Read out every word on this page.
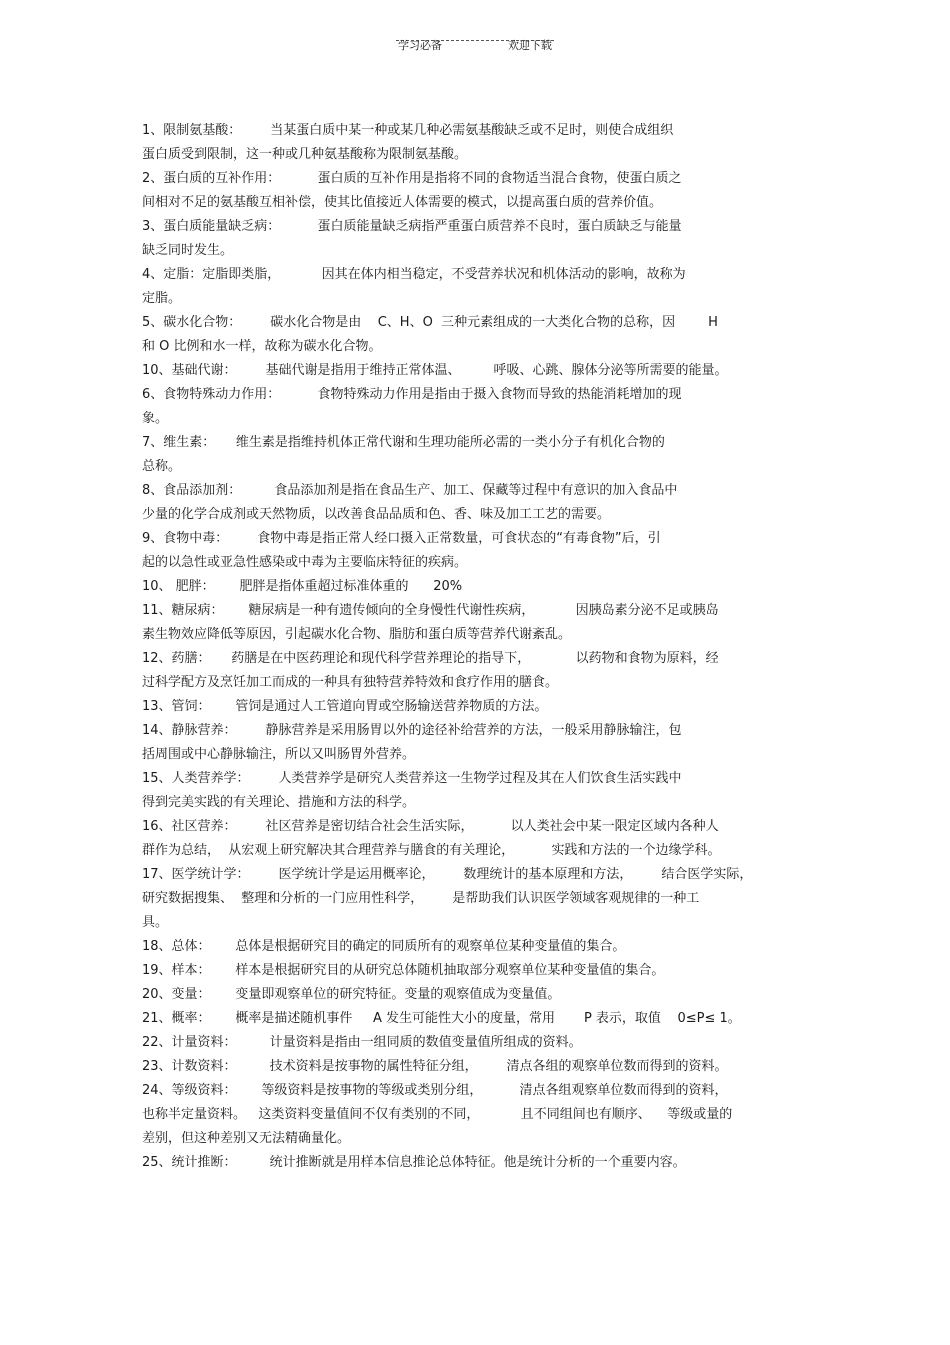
学习必备	欢迎下载
1、限制氨基酸：       当某蛋白质中某一种或某几种必需氨基酸缺乏或不足时，则使合成组织
蛋白质受到限制，这一种或几种氨基酸称为限制氨基酸。
2、蛋白质的互补作用：         蛋白质的互补作用是指将不同的食物适当混合食物，使蛋白质之
间相对不足的氨基酸互相补偿，使其比值接近人体需要的模式，以提高蛋白质的营养价值。
3、蛋白质能量缺乏病：         蛋白质能量缺乏病指严重蛋白质营养不良时，蛋白质缺乏与能量
缺乏同时发生。
4、定脂：定脂即类脂，          因其在体内相当稳定，不受营养状况和机体活动的影响，故称为
定脂。
5、碳水化合物：       碳水化合物是由    C、H、O  三种元素组成的一大类化合物的总称，因        H
和 O 比例和水一样，故称为碳水化合物。
10、基础代谢：       基础代谢是指用于维持正常体温、        呼吸、心跳、腺体分泌等所需要的能量。
6、食物特殊动力作用：         食物特殊动力作用是指由于摄入食物而导致的热能消耗增加的现
象。
7、维生素：     维生素是指维持机体正常代谢和生理功能所必需的一类小分子有机化合物的
总称。
8、食品添加剂：        食品添加剂是指在食品生产、加工、保藏等过程中有意识的加入食品中
少量的化学合成剂或天然物质，以改善食品品质和色、香、味及加工工艺的需要。
9、食物中毒：       食物中毒是指正常人经口摄入正常数量，可食状态的“有毒食物”后，引
起的以急性或亚急性感染或中毒为主要临床特征的疾病。
10、 肥胖：      肥胖是指体重超过标准体重的      20%
11、糖尿病：      糖尿病是一种有遗传倾向的全身慢性代谢性疾病，          因胰岛素分泌不足或胰岛
素生物效应降低等原因，引起碳水化合物、脂肪和蛋白质等营养代谢紊乱。
12、药膳：     药膳是在中医药理论和现代科学营养理论的指导下，           以药物和食物为原料，经
过科学配方及烹饪加工而成的一种具有独特营养特效和食疗作用的膳食。
13、管饲：      管饲是通过人工管道向胃或空肠输送营养物质的方法。
14、静脉营养：       静脉营养是采用肠胃以外的途径补给营养的方法，一般采用静脉输注，包
括周围或中心静脉输注，所以又叫肠胃外营养。
15、人类营养学：       人类营养学是研究人类营养这一生物学过程及其在人们饮食生活实践中
得到完美实践的有关理论、措施和方法的科学。
16、社区营养：       社区营养是密切结合社会生活实际，         以人类社会中某一限定区域内各种人
群作为总结，  从宏观上研究解决其合理营养与膳食的有关理论，         实践和方法的一个边缘学科。
17、医学统计学：       医学统计学是运用概率论，       数理统计的基本原理和方法，       结合医学实际，
研究数据搜集、  整理和分析的一门应用性科学，       是帮助我们认识医学领域客观规律的一种工
具。
18、总体：      总体是根据研究目的确定的同质所有的观察单位某种变量值的集合。
19、样本：      样本是根据研究目的从研究总体随机抽取部分观察单位某种变量值的集合。
20、变量：      变量即观察单位的研究特征。变量的观察值成为变量值。
21、概率：      概率是描述随机事件     A 发生可能性大小的度量，常用       P 表示，取值    0≤P≤ 1。
22、计量资料：        计量资料是指由一组同质的数值变量值所组成的资料。
23、计数资料：        技术资料是按事物的属性特征分组，       清点各组的观察单位数而得到的资料。
24、等级资料：      等级资料是按事物的等级或类别分组，         清点各组观察单位数而得到的资料，
也称半定量资料。   这类资料变量值间不仅有类别的不同，          且不同组间也有顺序、    等级或量的
差别，但这种差别又无法精确量化。
25、统计推断：        统计推断就是用样本信息推论总体特征。他是统计分析的一个重要内容。
